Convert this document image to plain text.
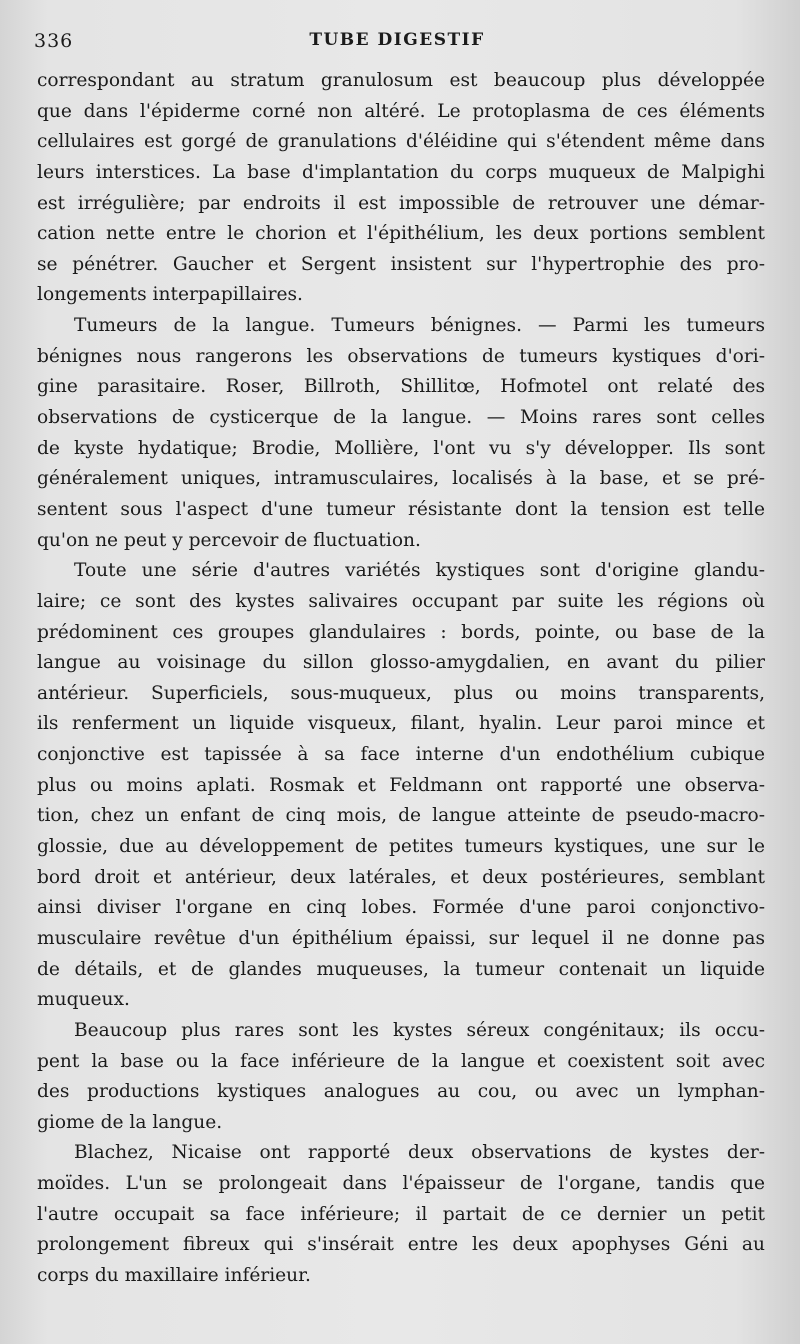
336	TUBE DIGESTIF
correspondant au stratum granulosum est beaucoup plus développée
que dans l'épiderme corné non altéré. Le protoplasma de ces éléments
cellulaires est gorgé de granulations d'éléidine qui s'étendent même dans
leurs interstices. La base d'implantation du corps muqueux de Malpighi
est irrégulière; par endroits il est impossible de retrouver une démar-
cation nette entre le chorion et l'épithélium, les deux portions semblent
se pénétrer. Gaucher et Sergent insistent sur l'hypertrophie des pro-
longements interpapillaires.
Tumeurs de la langue. Tumeurs bénignes. — Parmi les tumeurs
bénignes nous rangerons les observations de tumeurs kystiques d'ori-
gine parasitaire. Roser, Billroth, Shillitœ, Hofmotel ont relaté des
observations de cysticerque de la langue. — Moins rares sont celles
de kyste hydatique; Brodie, Mollière, l'ont vu s'y développer. Ils sont
généralement uniques, intramusculaires, localisés à la base, et se pré-
sentent sous l'aspect d'une tumeur résistante dont la tension est telle
qu'on ne peut y percevoir de fluctuation.
Toute une série d'autres variétés kystiques sont d'origine glandu-
laire; ce sont des kystes salivaires occupant par suite les régions où
prédominent ces groupes glandulaires : bords, pointe, ou base de la
langue au voisinage du sillon glosso-amygdalien, en avant du pilier
antérieur. Superficiels, sous-muqueux, plus ou moins transparents,
ils renferment un liquide visqueux, filant, hyalin. Leur paroi mince et
conjonctive est tapissée à sa face interne d'un endothélium cubique
plus ou moins aplati. Rosmak et Feldmann ont rapporté une observa-
tion, chez un enfant de cinq mois, de langue atteinte de pseudo-macro-
glossie, due au développement de petites tumeurs kystiques, une sur le
bord droit et antérieur, deux latérales, et deux postérieures, semblant
ainsi diviser l'organe en cinq lobes. Formée d'une paroi conjonctivo-
musculaire revêtue d'un épithélium épaissi, sur lequel il ne donne pas
de détails, et de glandes muqueuses, la tumeur contenait un liquide
muqueux.
Beaucoup plus rares sont les kystes séreux congénitaux; ils occu-
pent la base ou la face inférieure de la langue et coexistent soit avec
des productions kystiques analogues au cou, ou avec un lymphan-
giome de la langue.
Blachez, Nicaise ont rapporté deux observations de kystes der-
moïdes. L'un se prolongeait dans l'épaisseur de l'organe, tandis que
l'autre occupait sa face inférieure; il partait de ce dernier un petit
prolongement fibreux qui s'insérait entre les deux apophyses Géni au
corps du maxillaire inférieur.
